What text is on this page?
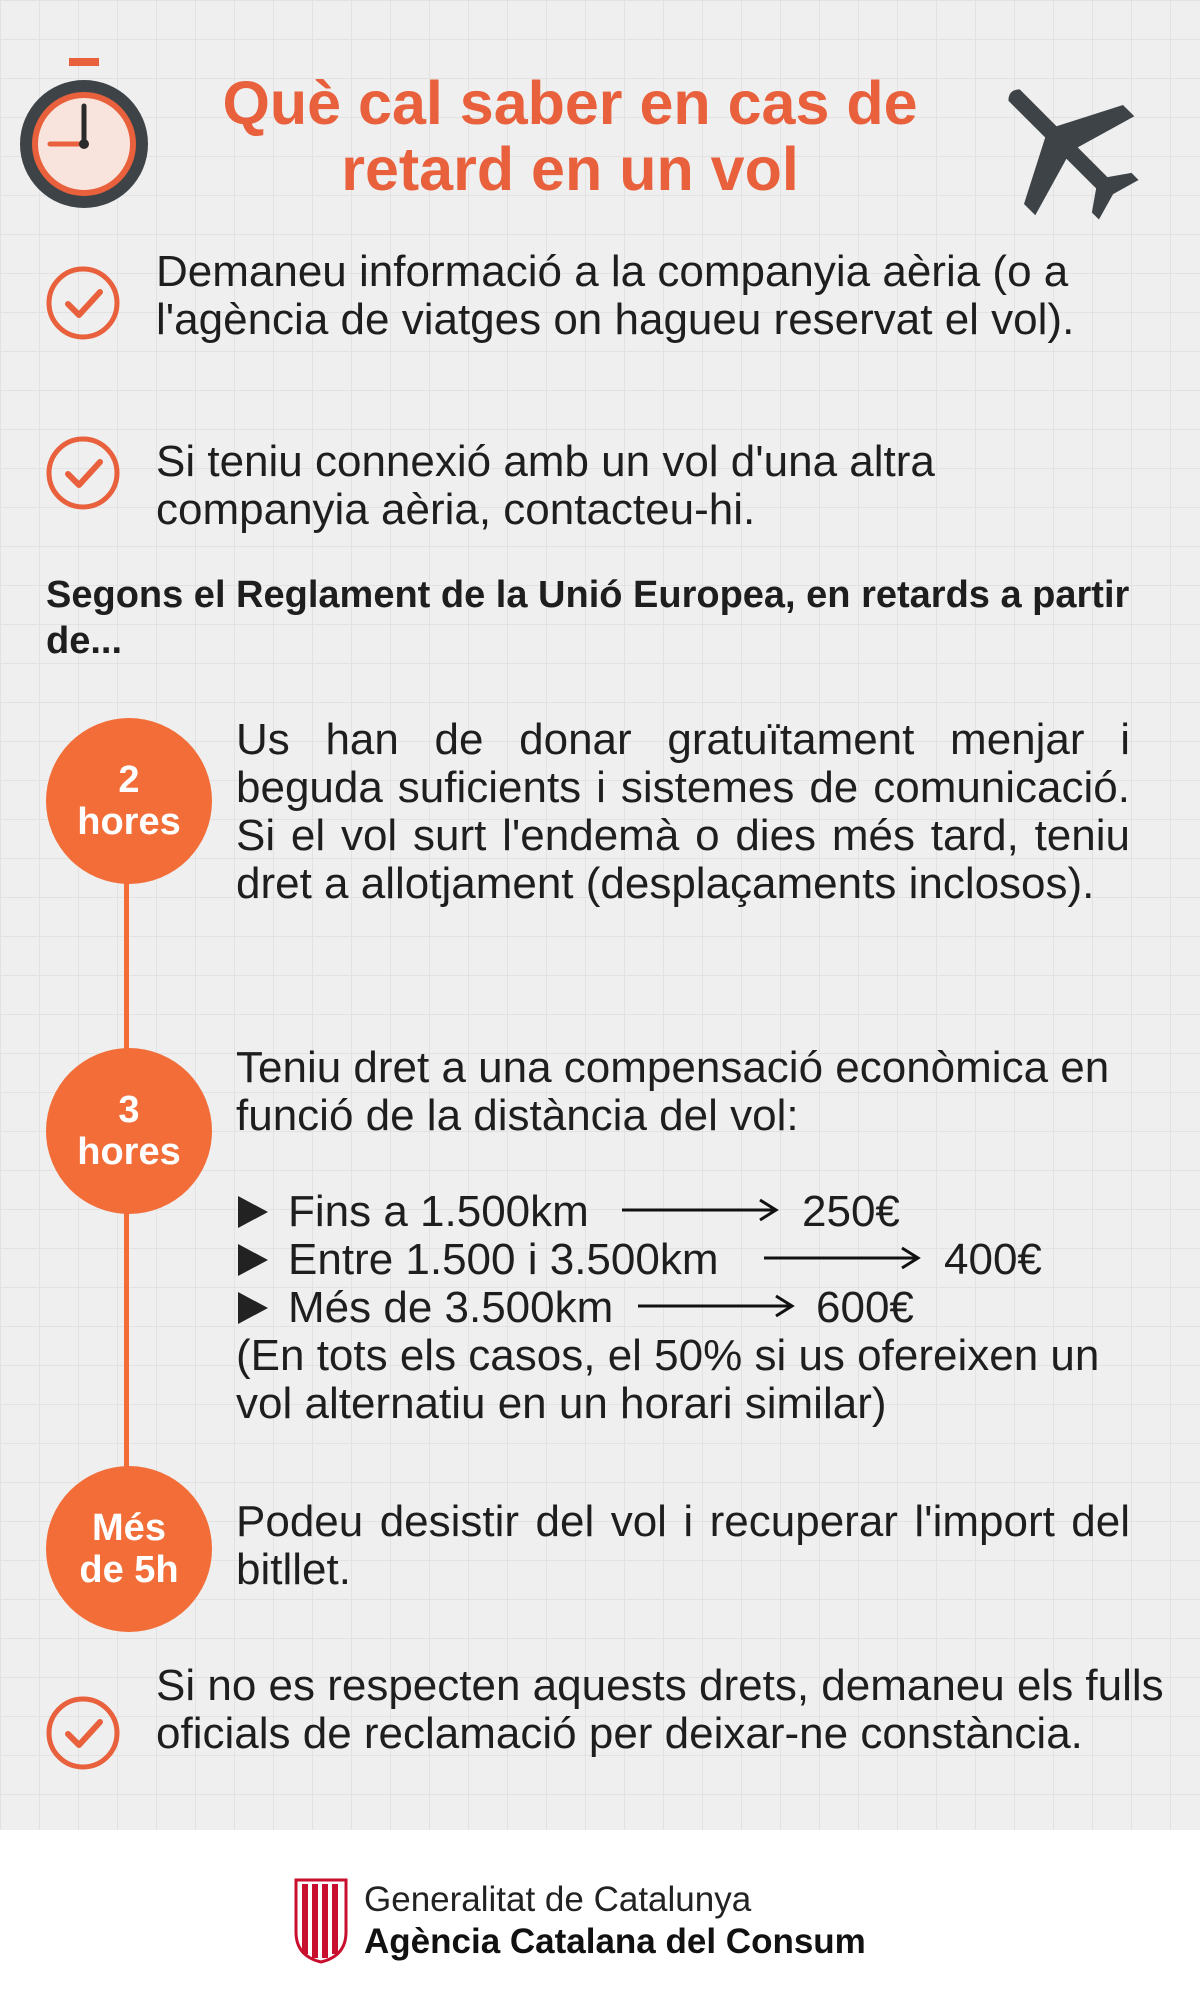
Què cal saber en cas de
retard en un vol

Demaneu informació a la companyia aèria (o a l'agència de viatges on hagueu reservat el vol).

Si teniu connexió amb un vol d'una altra companyia aèria, contacteu-hi.

Segons el Reglament de la Unió Europea, en retards a partir de...
2
hores

Us han de donar gratuïtament menjar i beguda suficients i sistemes de comunicació. Si el vol surt l'endemà o dies més tard, teniu dret a allotjament (desplaçaments inclosos).

3
hores

Teniu dret a una compensació econòmica en funció de la distància del vol:

Fins a 1.500km	250€
Entre 1.500 i 3.500km	400€
Més de 3.500km	600€

(En tots els casos, el 50% si us ofereixen un vol alternatiu en un horari similar)

Més
de 5h

Podeu desistir del vol i recuperar l'import del bitllet.

Si no es respecten aquests drets, demaneu els fulls oficials de reclamació per deixar-ne constància.

Generalitat de Catalunya
Agència Catalana del Consum
